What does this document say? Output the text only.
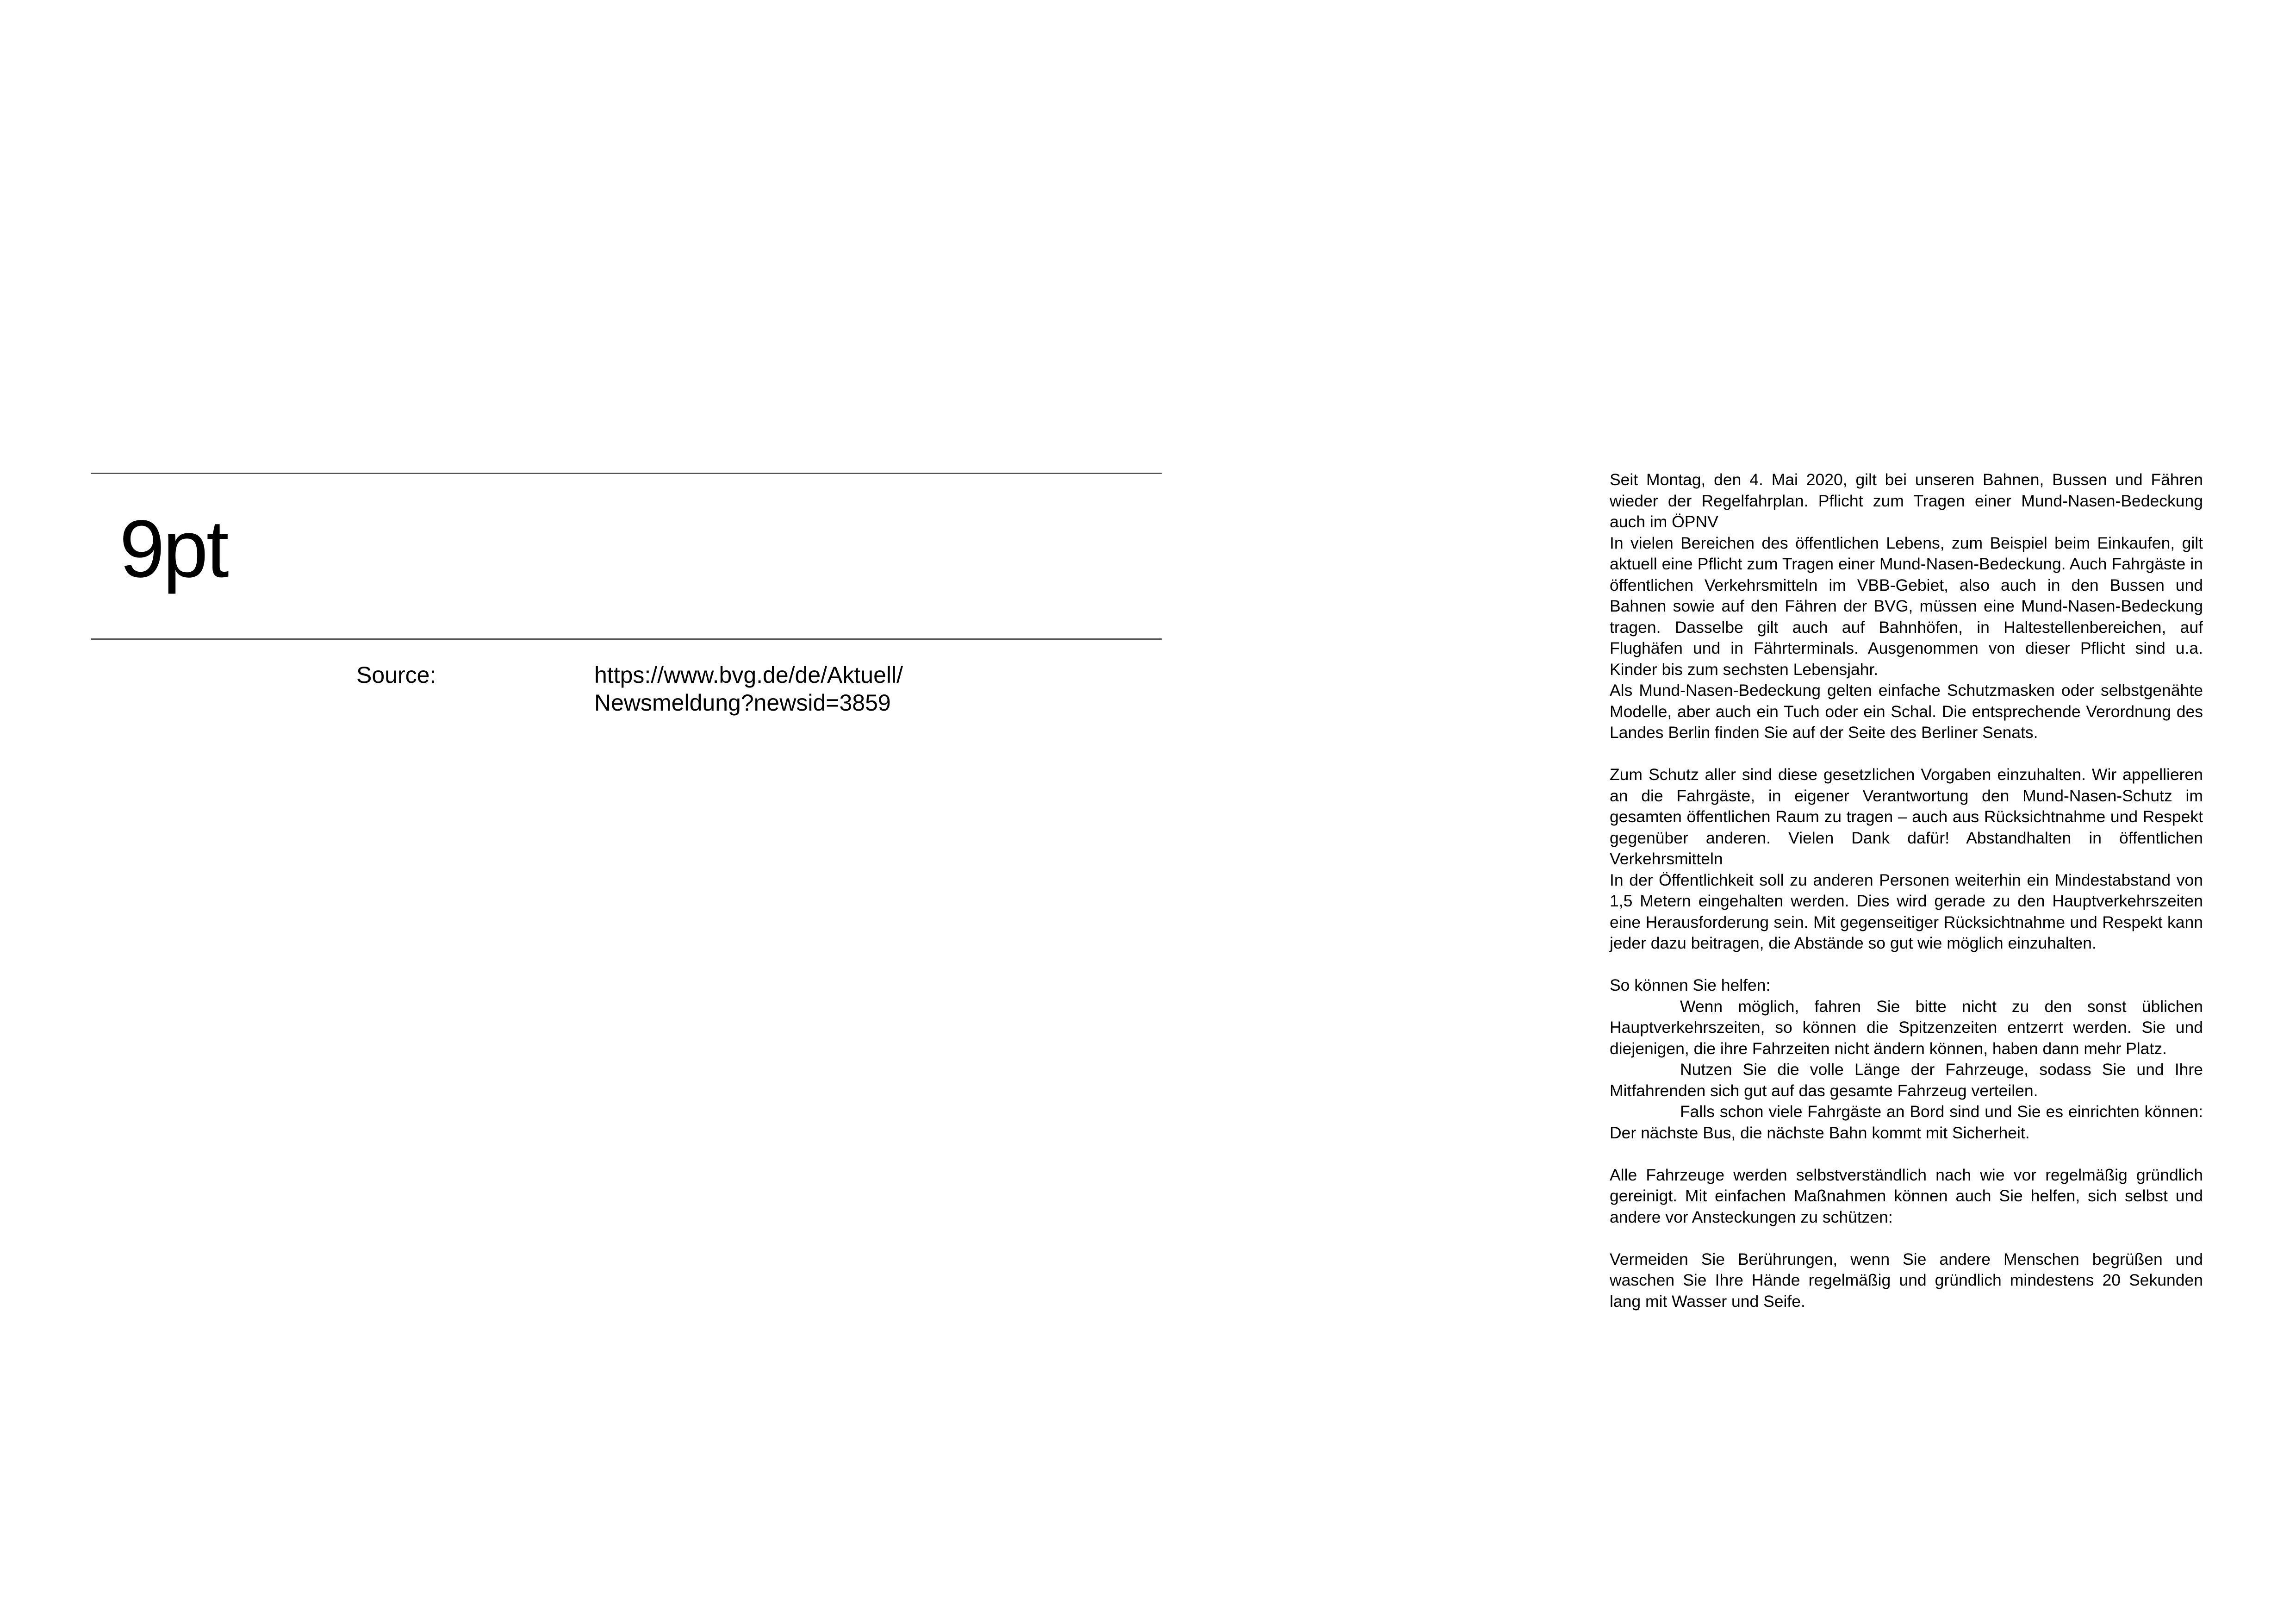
9pt
Source:	https://www.bvg.de/de/Aktuell/
Newsmeldung?newsid=3859

Seit Montag, den 4. Mai 2020, gilt bei unseren Bahnen, Bussen und Fähren wieder der Regelfahrplan. Pflicht zum Tragen einer Mund-Nasen-Bedeckung auch im ÖPNV

In vielen Bereichen des öffentlichen Lebens, zum Beispiel beim Einkaufen, gilt aktuell eine Pflicht zum Tragen einer Mund-Nasen-Bedeckung. Auch Fahrgäste in öffentlichen Verkehrsmitteln im VBB-Gebiet, also auch in den Bussen und Bahnen sowie auf den Fähren der BVG, müssen eine Mund-Nasen-Bedeckung tragen. Dasselbe gilt auch auf Bahnhöfen, in Haltestellenbereichen, auf Flughäfen und in Fährterminals. Ausgenommen von dieser Pflicht sind u.a. Kinder bis zum sechsten Lebensjahr.

Als Mund-Nasen-Bedeckung gelten einfache Schutzmasken oder selbstgenähte Modelle, aber auch ein Tuch oder ein Schal. Die entsprechende Verordnung des Landes Berlin finden Sie auf der Seite des Berliner Senats.

Zum Schutz aller sind diese gesetzlichen Vorgaben einzuhalten. Wir appellieren an die Fahrgäste, in eigener Verantwortung den Mund-Nasen-Schutz im gesamten öffentlichen Raum zu tragen – auch aus Rücksichtnahme und Respekt gegenüber anderen. Vielen Dank dafür! Abstandhalten in öffentlichen Verkehrsmitteln

In der Öffentlichkeit soll zu anderen Personen weiterhin ein Mindestabstand von 1,5 Metern eingehalten werden. Dies wird gerade zu den Hauptverkehrszeiten eine Herausforderung sein. Mit gegenseitiger Rücksichtnahme und Respekt kann jeder dazu beitragen, die Abstände so gut wie möglich einzuhalten.

So können Sie helfen:

Wenn möglich, fahren Sie bitte nicht zu den sonst üblichen Hauptverkehrszeiten, so können die Spitzenzeiten entzerrt werden. Sie und diejenigen, die ihre Fahrzeiten nicht ändern können, haben dann mehr Platz.

Nutzen Sie die volle Länge der Fahrzeuge, sodass Sie und Ihre Mitfahrenden sich gut auf das gesamte Fahrzeug verteilen.

Falls schon viele Fahrgäste an Bord sind und Sie es einrichten können: Der nächste Bus, die nächste Bahn kommt mit Sicherheit.

Alle Fahrzeuge werden selbstverständlich nach wie vor regelmäßig gründlich gereinigt. Mit einfachen Maßnahmen können auch Sie helfen, sich selbst und andere vor Ansteckungen zu schützen:

Vermeiden Sie Berührungen, wenn Sie andere Menschen begrüßen und waschen Sie Ihre Hände regelmäßig und gründlich mindestens 20 Sekunden lang mit Wasser und Seife.
